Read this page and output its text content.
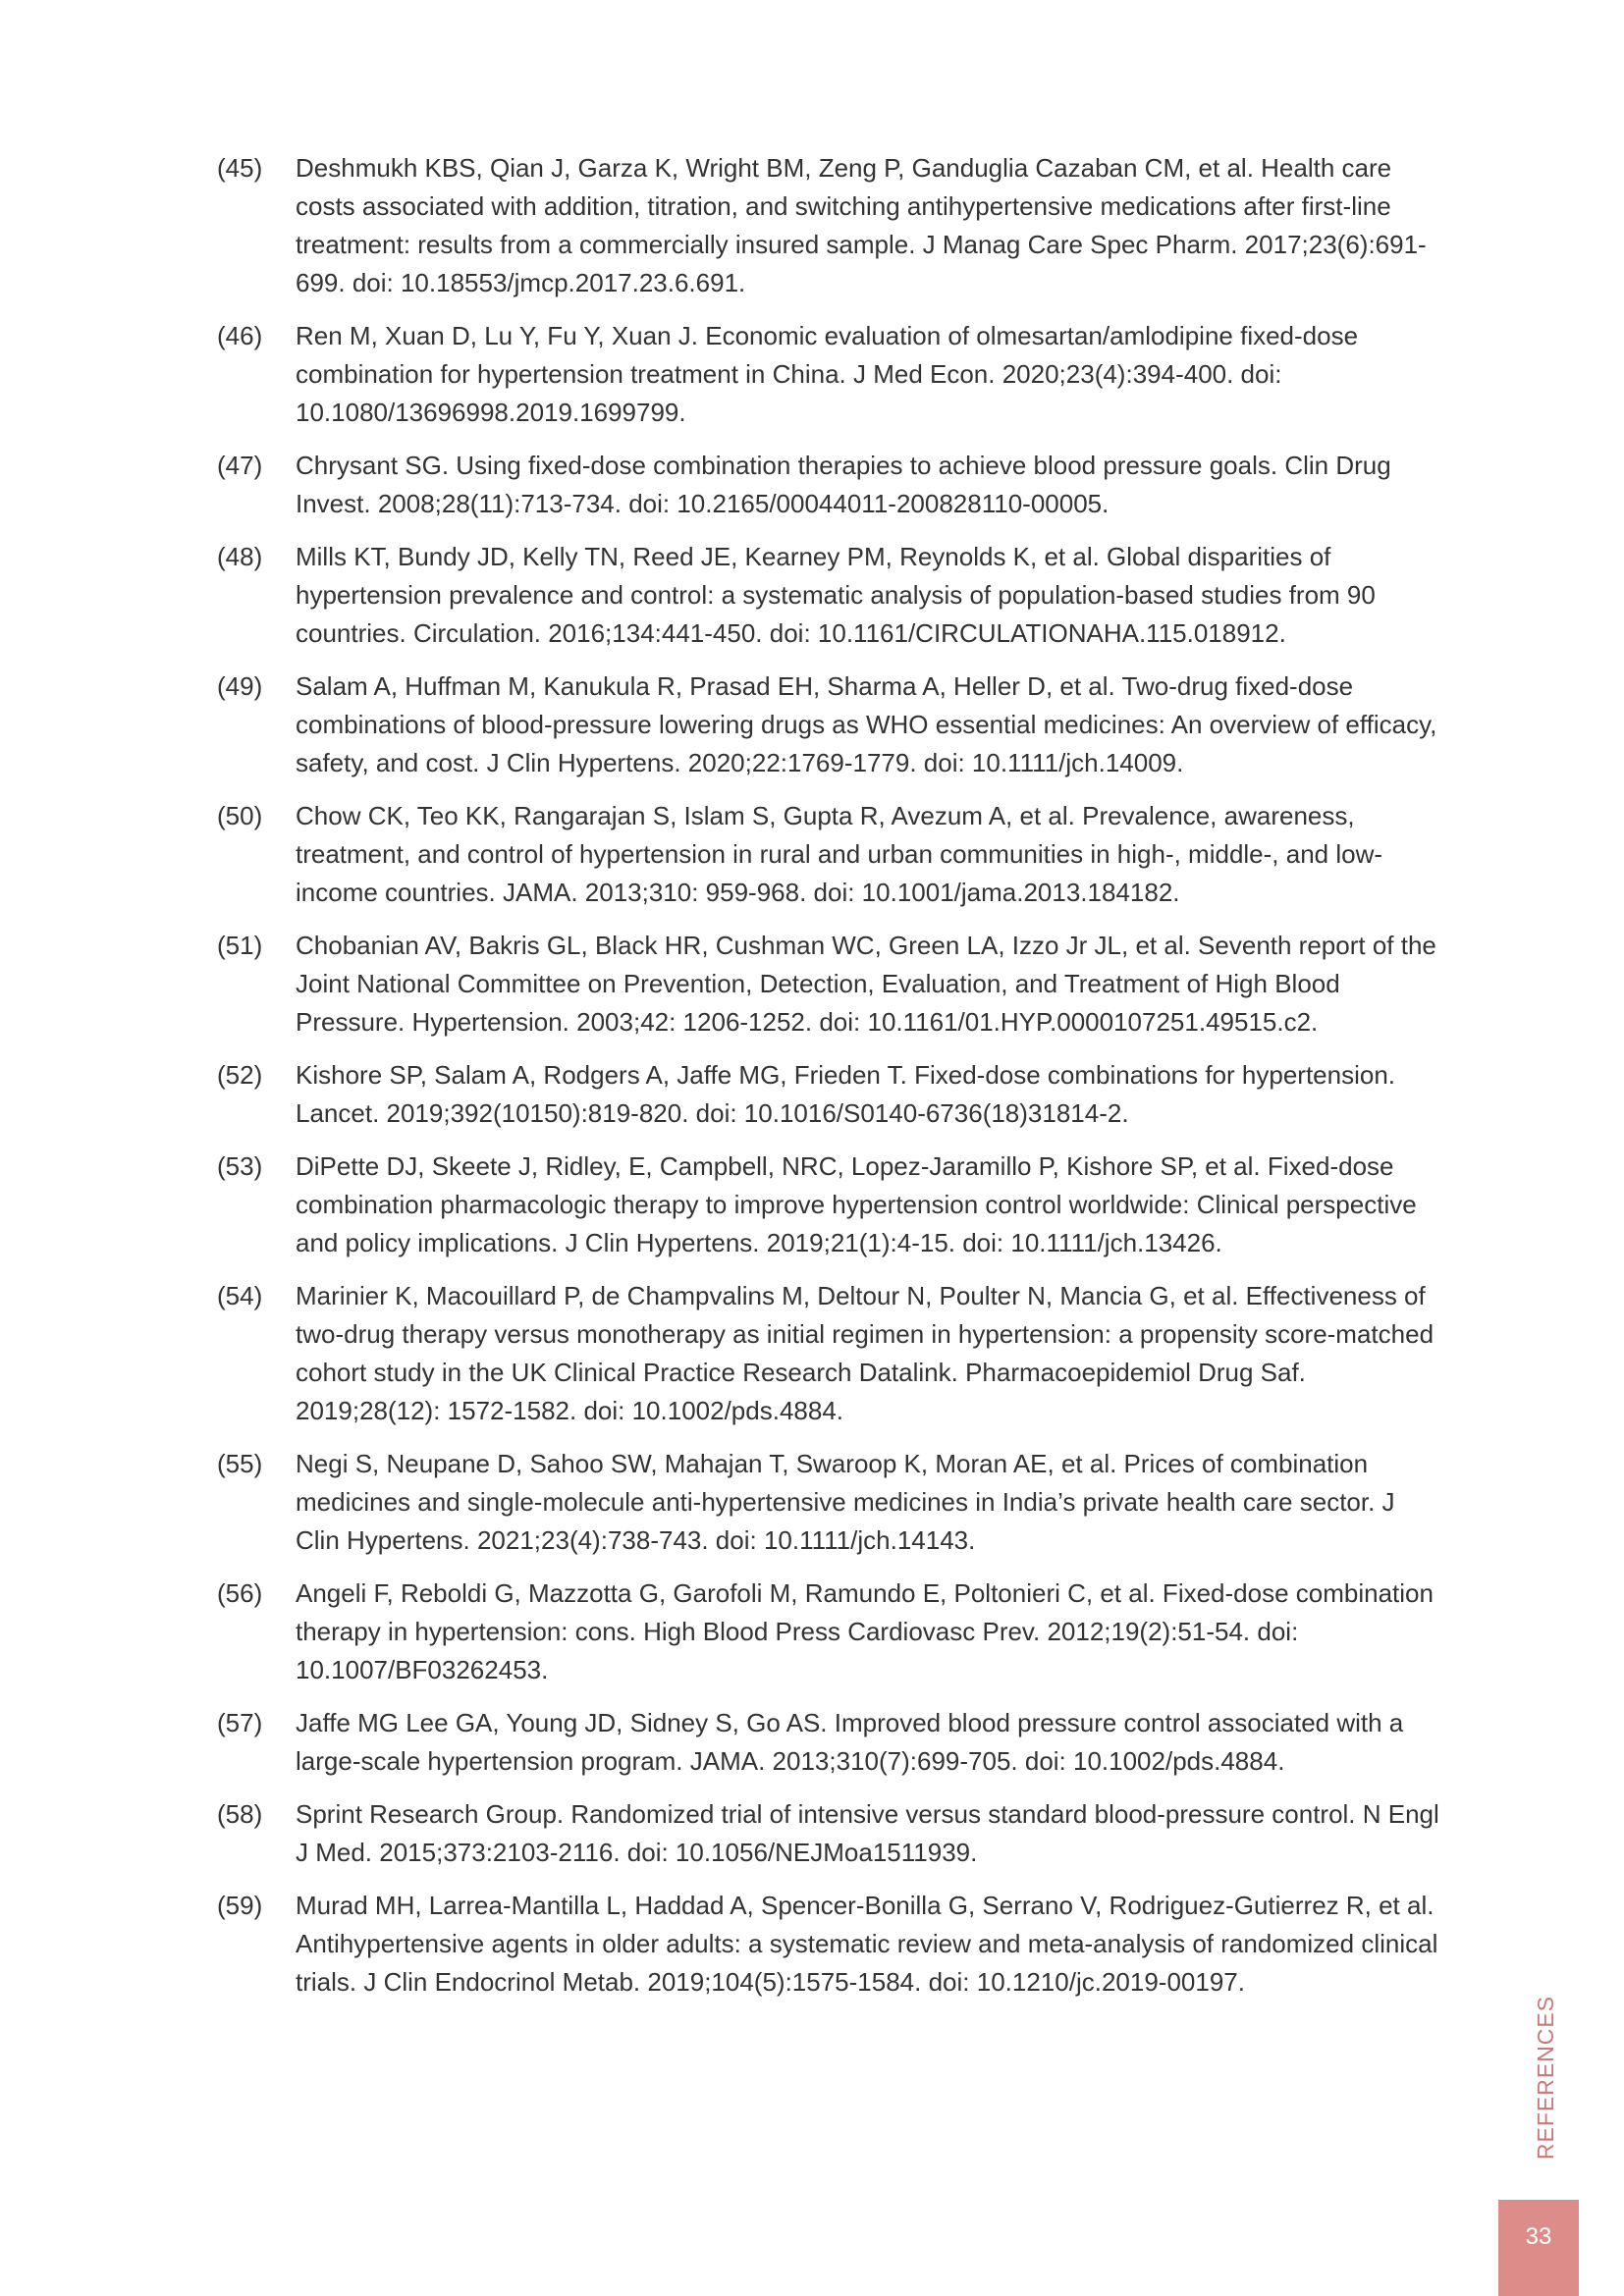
(45)	Deshmukh KBS, Qian J, Garza K, Wright BM, Zeng P, Ganduglia Cazaban CM, et al. Health care costs associated with addition, titration, and switching antihypertensive medications after first-line treatment: results from a commercially insured sample. J Manag Care Spec Pharm. 2017;23(6):691-699. doi: 10.18553/jmcp.2017.23.6.691.
(46)	Ren M, Xuan D, Lu Y, Fu Y, Xuan J. Economic evaluation of olmesartan/amlodipine fixed-dose combination for hypertension treatment in China. J Med Econ. 2020;23(4):394-400. doi: 10.1080/13696998.2019.1699799.
(47)	Chrysant SG. Using fixed-dose combination therapies to achieve blood pressure goals. Clin Drug Invest. 2008;28(11):713-734. doi: 10.2165/00044011-200828110-00005.
(48)	Mills KT, Bundy JD, Kelly TN, Reed JE, Kearney PM, Reynolds K, et al. Global disparities of hypertension prevalence and control: a systematic analysis of population-based studies from 90 countries. Circulation. 2016;134:441-450. doi: 10.1161/CIRCULATIONAHA.115.018912.
(49)	Salam A, Huffman M, Kanukula R, Prasad EH, Sharma A, Heller D, et al. Two-drug fixed-dose combinations of blood-pressure lowering drugs as WHO essential medicines: An overview of efficacy, safety, and cost. J Clin Hypertens. 2020;22:1769-1779. doi: 10.1111/jch.14009.
(50)	Chow CK, Teo KK, Rangarajan S, Islam S, Gupta R, Avezum A, et al. Prevalence, awareness, treatment, and control of hypertension in rural and urban communities in high-, middle-, and low-income countries. JAMA. 2013;310: 959-968. doi: 10.1001/jama.2013.184182.
(51)	Chobanian AV, Bakris GL, Black HR, Cushman WC, Green LA, Izzo Jr JL, et al. Seventh report of the Joint National Committee on Prevention, Detection, Evaluation, and Treatment of High Blood Pressure. Hypertension. 2003;42: 1206-1252. doi: 10.1161/01.HYP.0000107251.49515.c2.
(52)	Kishore SP, Salam A, Rodgers A, Jaffe MG, Frieden T. Fixed-dose combinations for hypertension. Lancet. 2019;392(10150):819-820. doi: 10.1016/S0140-6736(18)31814-2.
(53)	DiPette DJ, Skeete J, Ridley, E, Campbell, NRC, Lopez-Jaramillo P, Kishore SP, et al. Fixed-dose combination pharmacologic therapy to improve hypertension control worldwide: Clinical perspective and policy implications. J Clin Hypertens. 2019;21(1):4-15. doi: 10.1111/jch.13426.
(54)	Marinier K, Macouillard P, de Champvalins M, Deltour N, Poulter N, Mancia G, et al. Effectiveness of two-drug therapy versus monotherapy as initial regimen in hypertension: a propensity score-matched cohort study in the UK Clinical Practice Research Datalink. Pharmacoepidemiol Drug Saf. 2019;28(12): 1572-1582. doi: 10.1002/pds.4884.
(55)	Negi S, Neupane D, Sahoo SW, Mahajan T, Swaroop K, Moran AE, et al. Prices of combination medicines and single-molecule anti-hypertensive medicines in India’s private health care sector. J Clin Hypertens. 2021;23(4):738-743. doi: 10.1111/jch.14143.
(56)	Angeli F, Reboldi G, Mazzotta G, Garofoli M, Ramundo E, Poltonieri C, et al. Fixed-dose combination therapy in hypertension: cons. High Blood Press Cardiovasc Prev. 2012;19(2):51-54. doi: 10.1007/BF03262453.
(57)	Jaffe MG Lee GA, Young JD, Sidney S, Go AS. Improved blood pressure control associated with a large-scale hypertension program. JAMA. 2013;310(7):699-705. doi: 10.1002/pds.4884.
(58)	Sprint Research Group. Randomized trial of intensive versus standard blood-pressure control. N Engl J Med. 2015;373:2103-2116. doi: 10.1056/NEJMoa1511939.
(59)	Murad MH, Larrea-Mantilla L, Haddad A, Spencer-Bonilla G, Serrano V, Rodriguez-Gutierrez R, et al. Antihypertensive agents in older adults: a systematic review and meta-analysis of randomized clinical trials. J Clin Endocrinol Metab. 2019;104(5):1575-1584. doi: 10.1210/jc.2019-00197.
REFERENCES
33
